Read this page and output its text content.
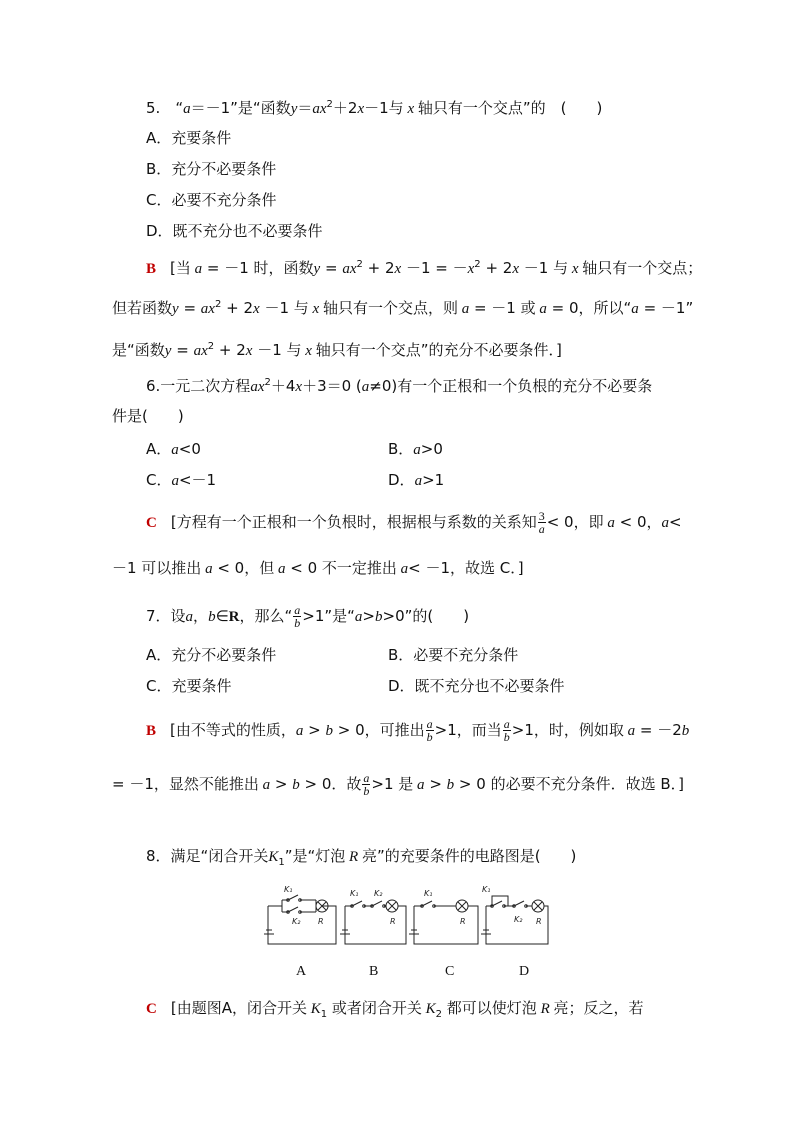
5.　“a＝－1”是“函数$y=ax^2+2x-1$与 x 轴只有一个交点”的　(　　)
A．充要条件
B．充分不必要条件
C．必要不充分条件
D．既不充分也不必要条件
B [当 a = －1 时，函数$y = ax^2 + 2x -1 = -x^2 + 2x -1$ 与 x 轴只有一个交点；
但若函数$y = ax^2 + 2x -1$ 与 x 轴只有一个交点，则 a = －1 或 a = 0，所以“a = －1”
是“函数$y = ax^2 + 2x -1$ 与 x 轴只有一个交点”的充分不必要条件．]
6.一元二次方程$ax^2+4x+3=0$ (a≠0)有一个正根和一个负根的充分不必要条
件是(　　)
A．a<0	B．a>0
C．a<－1	D．a>1
C [方程有一个正根和一个负根时，根据根与系数的关系知 $\frac{3}{a} < 0$，即 a < 0，a<
－1 可以推出 a < 0，但 a < 0 不一定推出 a< －1，故选 C．]
7．设a，b∈R，那么“ $\frac{a}{b} >1$”是“a>b>0”的(　　)
A．充分不必要条件	B．必要不充分条件
C．充要条件	D．既不充分也不必要条件
B [由不等式的性质，a > b > 0，可推出 $\frac{a}{b} >1$，而当 $\frac{a}{b} >1$，时，例如取 a = －2b
= －1，显然不能推出 a > b > 0．故 $\frac{a}{b} >1$ 是 a > b > 0 的必要不充分条件．故选 B．]
8．满足“闭合开关$K_1$”是“灯泡 R 亮”的充要条件的电路图是(　　)
K₁
K₂ R
K₁ K₂
R
K₁
R
K₁
K₂ R
A	B	C	D
C [由题图A，闭合开关 $K_1$ 或者闭合开关 $K_2$ 都可以使灯泡 R 亮；反之，若
